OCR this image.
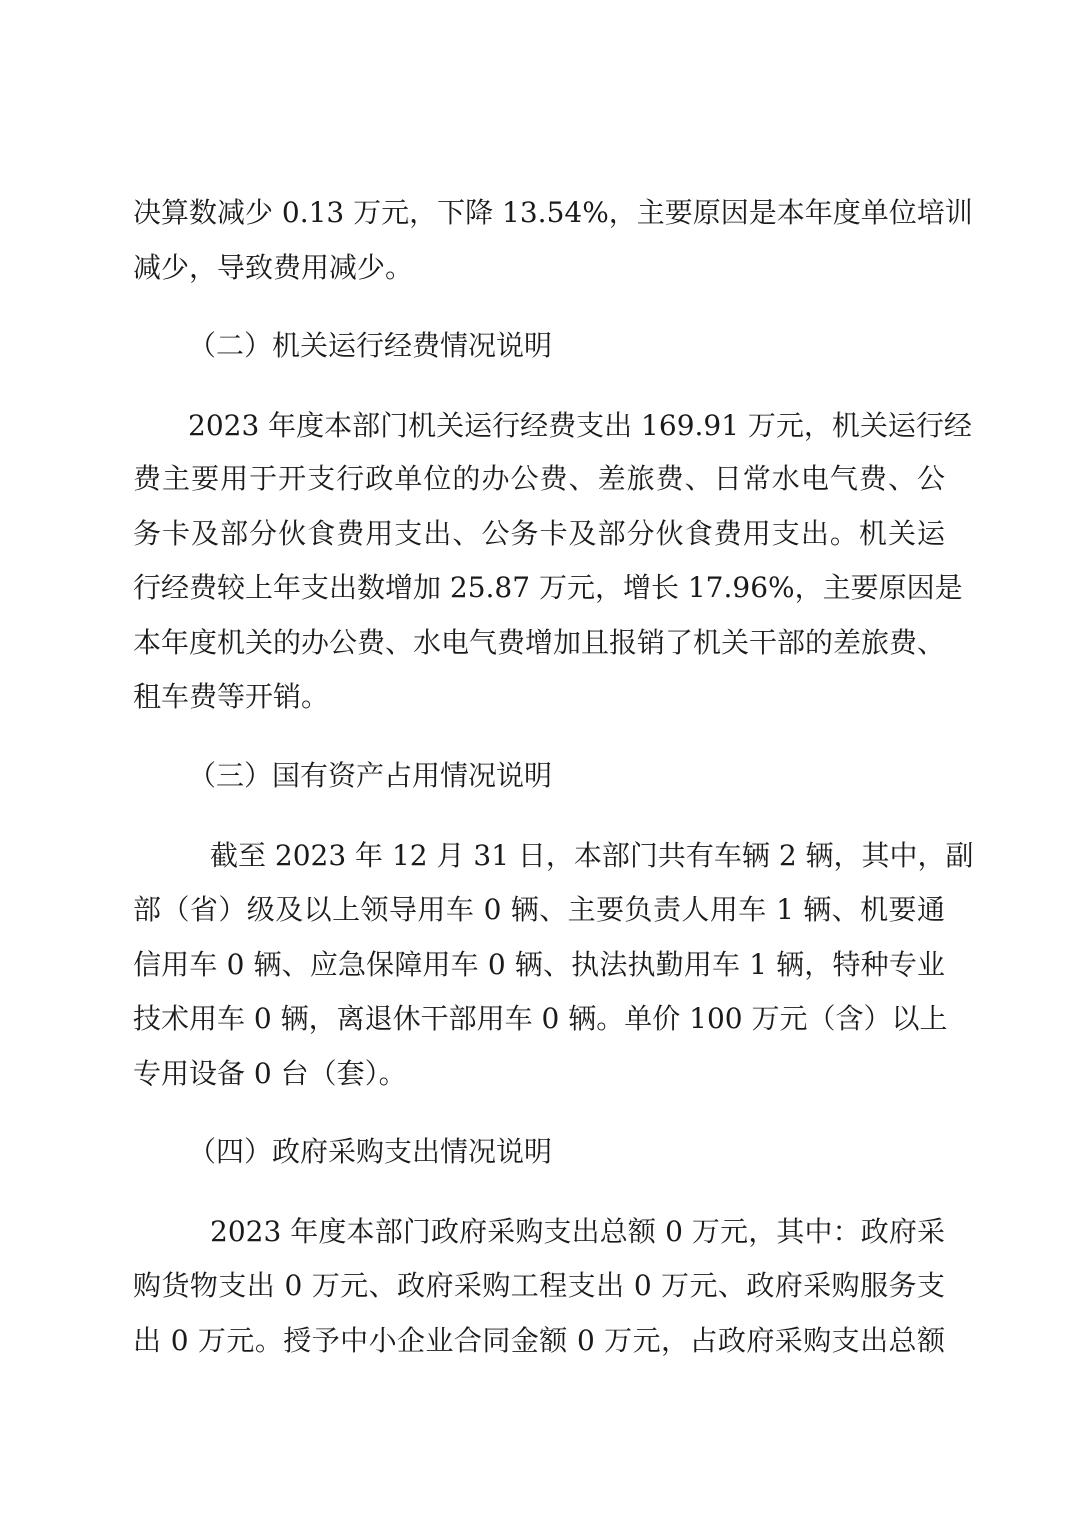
决算数减少 0.13 万元，下降 13.54%，主要原因是本年度单位培训
减少，导致费用减少。
（二）机关运行经费情况说明
2023 年度本部门机关运行经费支出 169.91 万元，机关运行经
费主要用于开支行政单位的办公费、差旅费、日常水电气费、公
务卡及部分伙食费用支出、公务卡及部分伙食费用支出。机关运
行经费较上年支出数增加 25.87 万元，增长 17.96%，主要原因是
本年度机关的办公费、水电气费增加且报销了机关干部的差旅费、
租车费等开销。
（三）国有资产占用情况说明
截至 2023 年 12 月 31 日，本部门共有车辆 2 辆，其中，副
部（省）级及以上领导用车 0 辆、主要负责人用车 1 辆、机要通
信用车 0 辆、应急保障用车 0 辆、执法执勤用车 1 辆，特种专业
技术用车 0 辆，离退休干部用车 0 辆。单价 100 万元（含）以上
专用设备 0 台（套）。
（四）政府采购支出情况说明
2023 年度本部门政府采购支出总额 0 万元，其中：政府采
购货物支出 0 万元、政府采购工程支出 0 万元、政府采购服务支
出 0 万元。授予中小企业合同金额 0 万元，占政府采购支出总额
